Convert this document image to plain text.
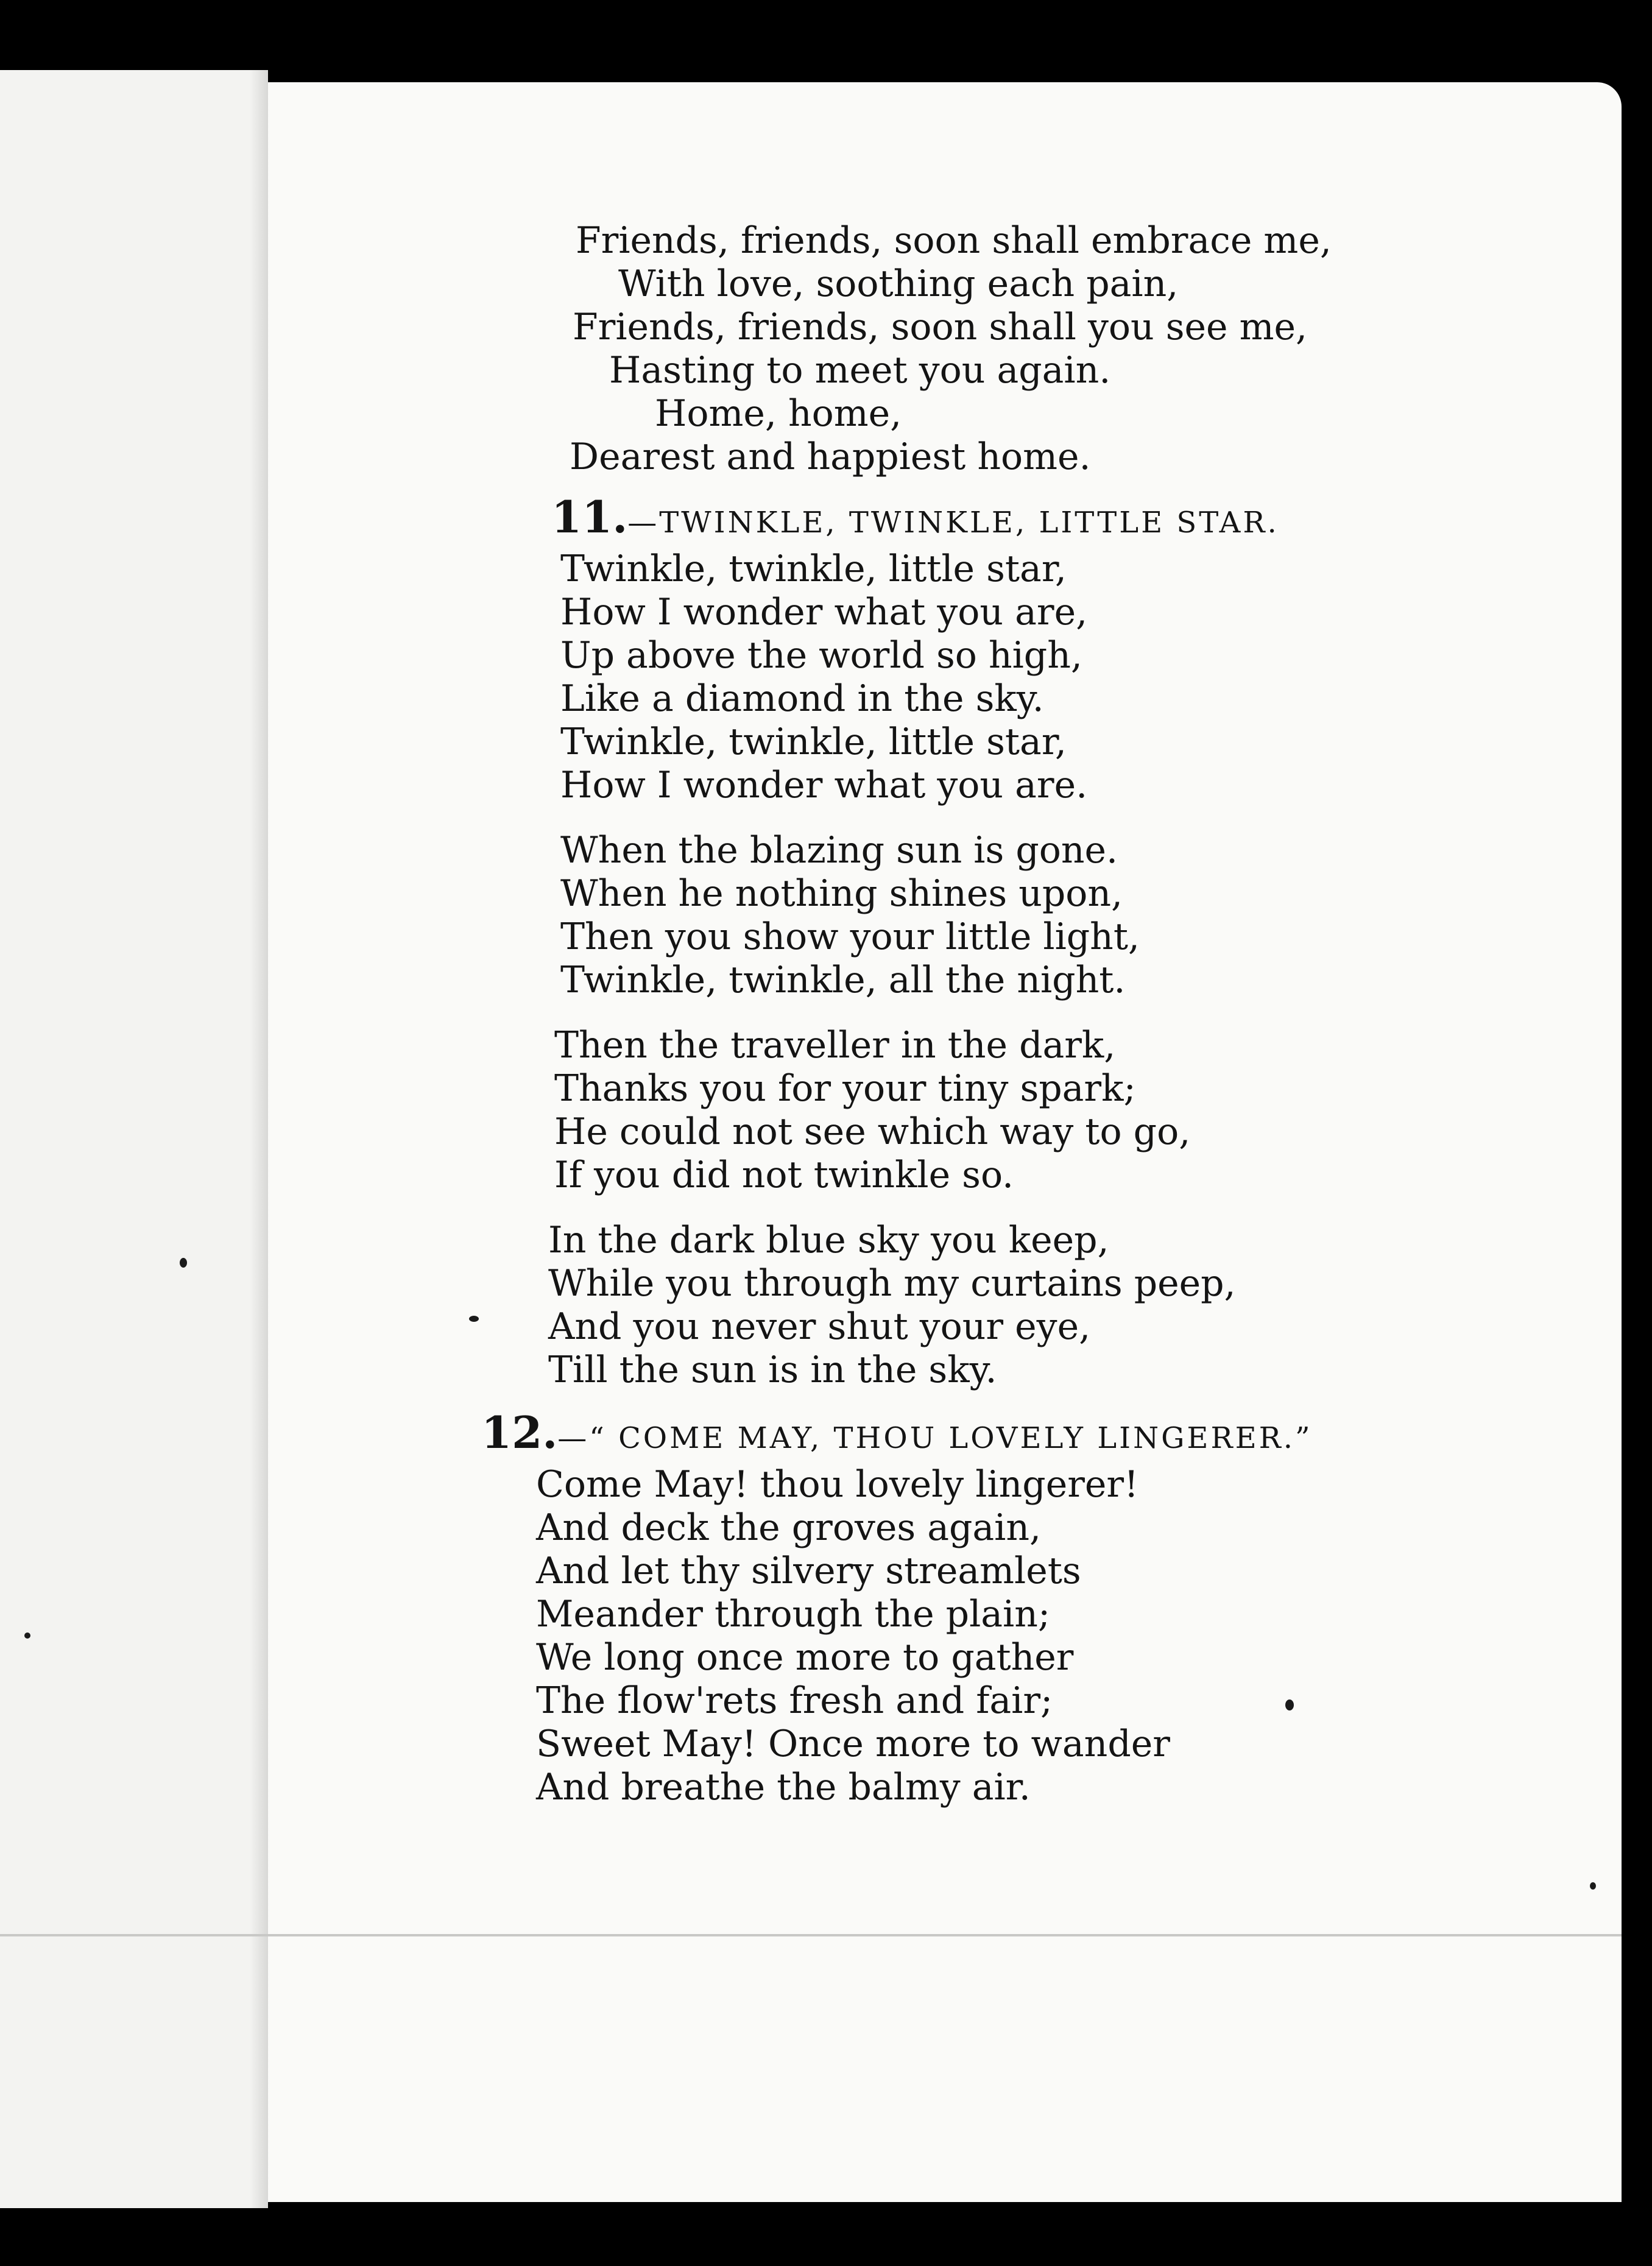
Friends, friends, soon shall embrace me,
With love, soothing each pain,
Friends, friends, soon shall you see me,
Hasting to meet you again.
Home, home,
Dearest and happiest home.
11.—TWINKLE, TWINKLE, LITTLE STAR.
Twinkle, twinkle, little star,
How I wonder what you are,
Up above the world so high,
Like a diamond in the sky.
Twinkle, twinkle, little star,
How I wonder what you are.
When the blazing sun is gone.
When he nothing shines upon,
Then you show your little light,
Twinkle, twinkle, all the night.
Then the traveller in the dark,
Thanks you for your tiny spark;
He could not see which way to go,
If you did not twinkle so.
In the dark blue sky you keep,
While you through my curtains peep,
And you never shut your eye,
Till the sun is in the sky.
12.—“ COME MAY, THOU LOVELY LINGERER.”
Come May! thou lovely lingerer!
And deck the groves again,
And let thy silvery streamlets
Meander through the plain;
We long once more to gather
The flow'rets fresh and fair;
Sweet May! Once more to wander
And breathe the balmy air.
